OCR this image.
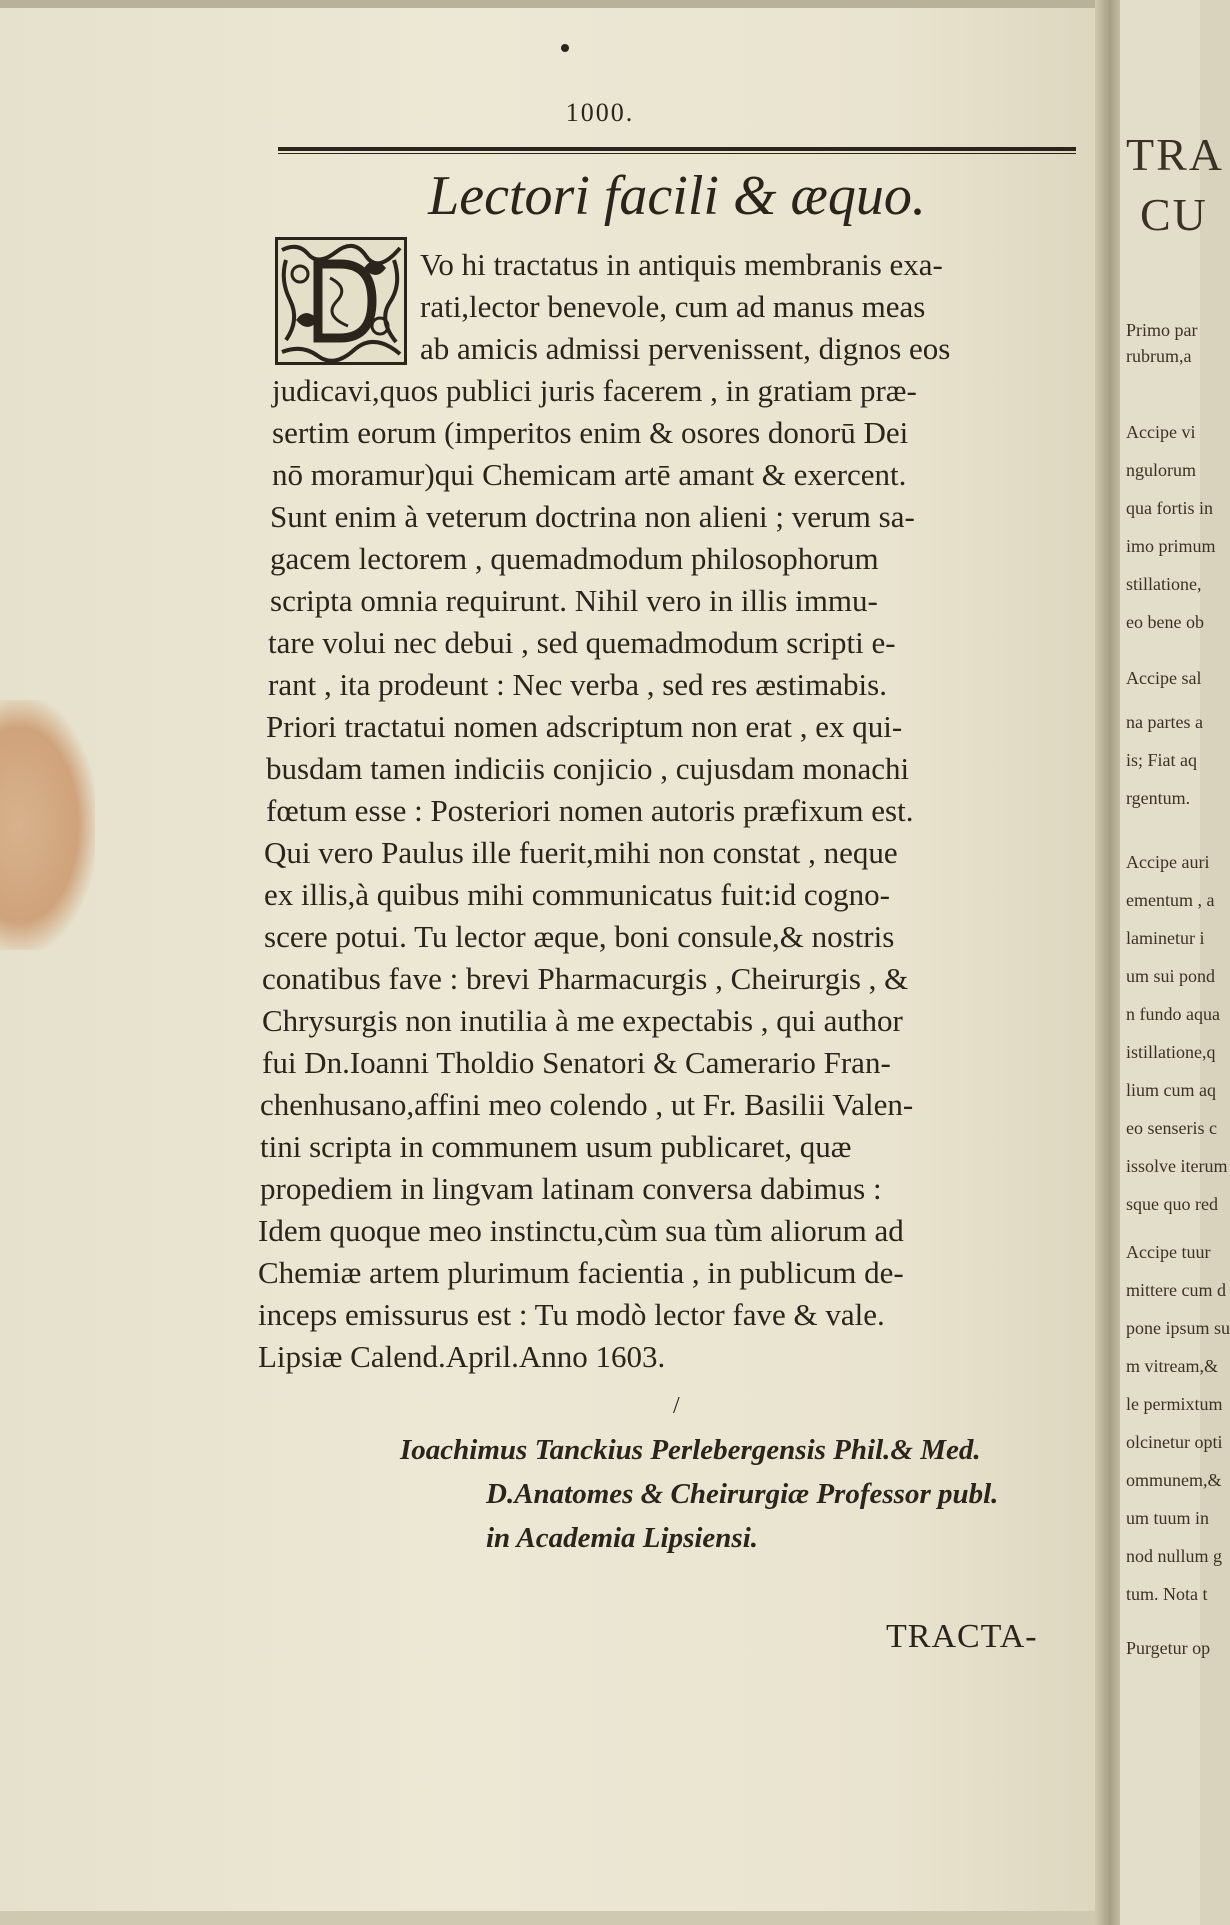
1000.
Lectori facili & æquo.
Vo hi tractatus in antiquis membranis exa-
rati,lector benevole, cum ad manus meas
ab amicis admissi pervenissent, dignos eos
judicavi,quos publici juris facerem , in gratiam præ-
sertim eorum (imperitos enim & osores donorū Dei
nō moramur)qui Chemicam artē amant & exercent.
Sunt enim à veterum doctrina non alieni ; verum sa-
gacem lectorem , quemadmodum philosophorum
scripta omnia requirunt. Nihil vero in illis immu-
tare volui nec debui , sed quemadmodum scripti e-
rant , ita prodeunt : Nec verba , sed res æstimabis.
Priori tractatui nomen adscriptum non erat , ex qui-
busdam tamen indiciis conjicio , cujusdam monachi
fœtum esse : Posteriori nomen autoris præfixum est.
Qui vero Paulus ille fuerit,mihi non constat , neque
ex illis,à quibus mihi communicatus fuit:id cogno-
scere potui. Tu lector æque, boni consule,& nostris
conatibus fave : brevi Pharmacurgis , Cheirurgis , &
Chrysurgis non inutilia à me expectabis , qui author
fui Dn.Ioanni Tholdio Senatori & Camerario Fran-
chenhusano,affini meo colendo , ut Fr. Basilii Valen-
tini scripta in communem usum publicaret, quæ
propediem in lingvam latinam conversa dabimus :
Idem quoque meo instinctu,cùm sua tùm aliorum ad
Chemiæ artem plurimum facientia , in publicum de-
inceps emissurus est : Tu modò lector fave & vale.
Lipsiæ Calend.April.Anno 1603.
/
Ioachimus Tanckius Perlebergensis Phil.& Med.
D.Anatomes & Cheirurgiæ Professor publ.
in Academia Lipsiensi.
TRACTA-
TRA
CU
Primo par
rubrum,a
Accipe vi
ngulorum
qua fortis in
imo primum
stillatione,
eo bene ob
Accipe sal
na partes a
is; Fiat aq
rgentum.
Accipe auri
ementum , a
laminetur i
um sui pond
n fundo aqua
istillatione,q
lium cum aq
eo senseris c
issolve iterum
sque quo red
Accipe tuur
mittere cum d
pone ipsum su
m vitream,&
le permixtum
olcinetur opti
ommunem,&
um tuum in
nod nullum g
tum. Nota t
Purgetur op
